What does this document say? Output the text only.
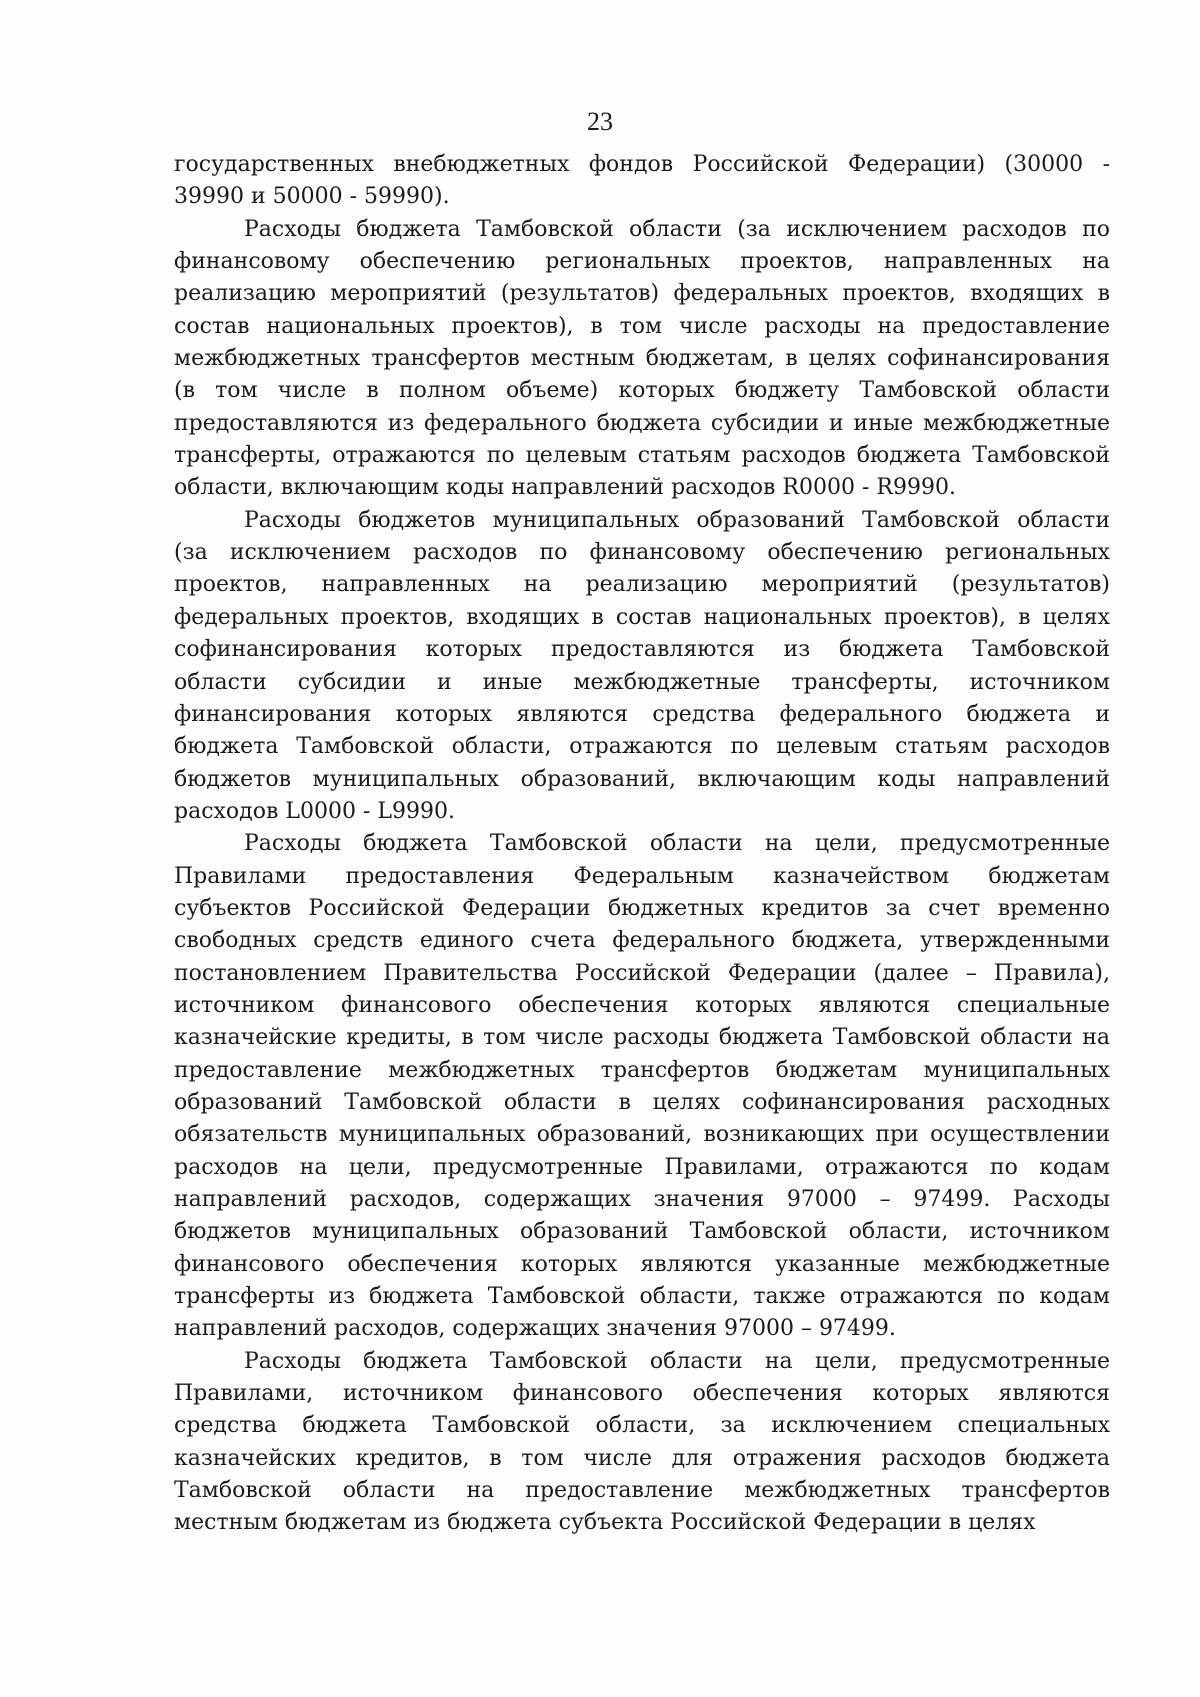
23
государственных внебюджетных фондов Российской Федерации) (30000 -
39990 и 50000 - 59990).
Расходы бюджета Тамбовской области (за исключением расходов по
финансовому обеспечению региональных проектов, направленных на
реализацию мероприятий (результатов) федеральных проектов, входящих в
состав национальных проектов), в том числе расходы на предоставление
межбюджетных трансфертов местным бюджетам, в целях софинансирования
(в том числе в полном объеме) которых бюджету Тамбовской области
предоставляются из федерального бюджета субсидии и иные межбюджетные
трансферты, отражаются по целевым статьям расходов бюджета Тамбовской
области, включающим коды направлений расходов R0000 - R9990.
Расходы бюджетов муниципальных образований Тамбовской области
(за исключением расходов по финансовому обеспечению региональных
проектов, направленных на реализацию мероприятий (результатов)
федеральных проектов, входящих в состав национальных проектов), в целях
софинансирования которых предоставляются из бюджета Тамбовской
области субсидии и иные межбюджетные трансферты, источником
финансирования которых являются средства федерального бюджета и
бюджета Тамбовской области, отражаются по целевым статьям расходов
бюджетов муниципальных образований, включающим коды направлений
расходов L0000 - L9990.
Расходы бюджета Тамбовской области на цели, предусмотренные
Правилами предоставления Федеральным казначейством бюджетам
субъектов Российской Федерации бюджетных кредитов за счет временно
свободных средств единого счета федерального бюджета, утвержденными
постановлением Правительства Российской Федерации (далее – Правила),
источником финансового обеспечения которых являются специальные
казначейские кредиты, в том числе расходы бюджета Тамбовской области на
предоставление межбюджетных трансфертов бюджетам муниципальных
образований Тамбовской области в целях софинансирования расходных
обязательств муниципальных образований, возникающих при осуществлении
расходов на цели, предусмотренные Правилами, отражаются по кодам
направлений расходов, содержащих значения 97000 – 97499. Расходы
бюджетов муниципальных образований Тамбовской области, источником
финансового обеспечения которых являются указанные межбюджетные
трансферты из бюджета Тамбовской области, также отражаются по кодам
направлений расходов, содержащих значения 97000 – 97499.
Расходы бюджета Тамбовской области на цели, предусмотренные
Правилами, источником финансового обеспечения которых являются
средства бюджета Тамбовской области, за исключением специальных
казначейских кредитов, в том числе для отражения расходов бюджета
Тамбовской области на предоставление межбюджетных трансфертов
местным бюджетам из бюджета субъекта Российской Федерации в целях
